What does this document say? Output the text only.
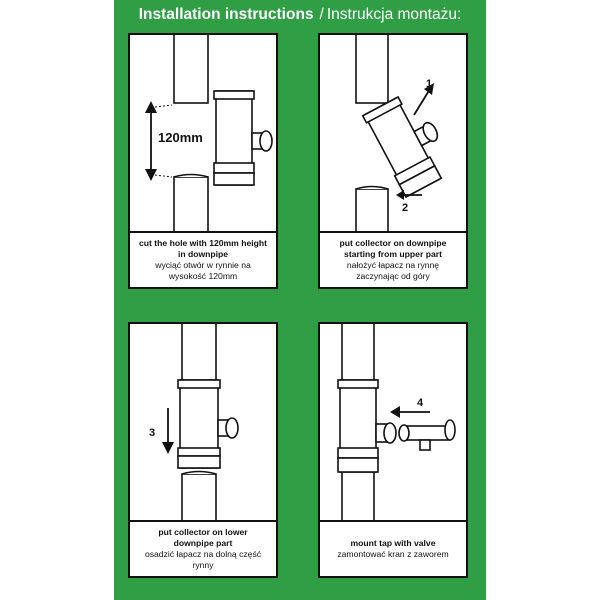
Installation instructions / Instrukcja montażu:
120mm
cut the hole with 120mm height in downpipe
wyciąć otwór w rynnie na wysokość 120mm
1
2
put collector on downpipe starting from upper part
nałożyć łapacz na rynnę zaczynając od góry
3
put collector on lower downpipe part
osadzić łapacz na dolną część rynny
4
mount tap with valve
zamontować kran z zaworem
